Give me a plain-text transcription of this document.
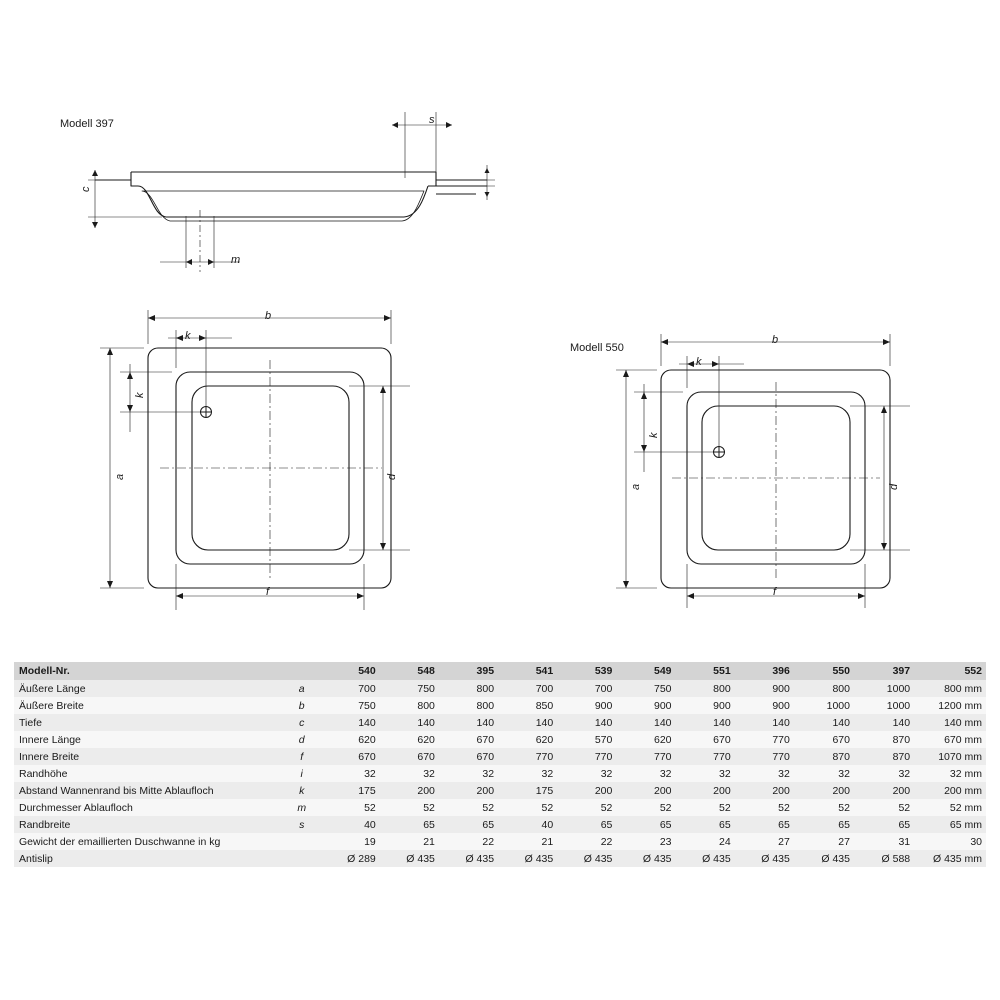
Modell 397	s
c
m
b
k
k
a	d
f
Modell 550
b
k
k
a	d
f
Modell-Nr.		540	548	395	541	539	549	551	396	550	397	552
Äußere Länge	a	700	750	800	700	700	750	800	900	800	1000	800 mm
Äußere Breite	b	750	800	800	850	900	900	900	900	1000	1000	1200 mm
Tiefe	c	140	140	140	140	140	140	140	140	140	140	140 mm
Innere Länge	d	620	620	670	620	570	620	670	770	670	870	670 mm
Innere Breite	f	670	670	670	770	770	770	770	770	870	870	1070 mm
Randhöhe	i	32	32	32	32	32	32	32	32	32	32	32 mm
Abstand Wannenrand bis Mitte Ablaufloch	k	175	200	200	175	200	200	200	200	200	200	200 mm
Durchmesser Ablaufloch	m	52	52	52	52	52	52	52	52	52	52	52 mm
Randbreite	s	40	65	65	40	65	65	65	65	65	65	65 mm
Gewicht der emaillierten Duschwanne in kg		19	21	22	21	22	23	24	27	27	31	30
Antislip		Ø 289	Ø 435	Ø 435	Ø 435	Ø 435	Ø 435	Ø 435	Ø 435	Ø 435	Ø 588	Ø 435 mm
